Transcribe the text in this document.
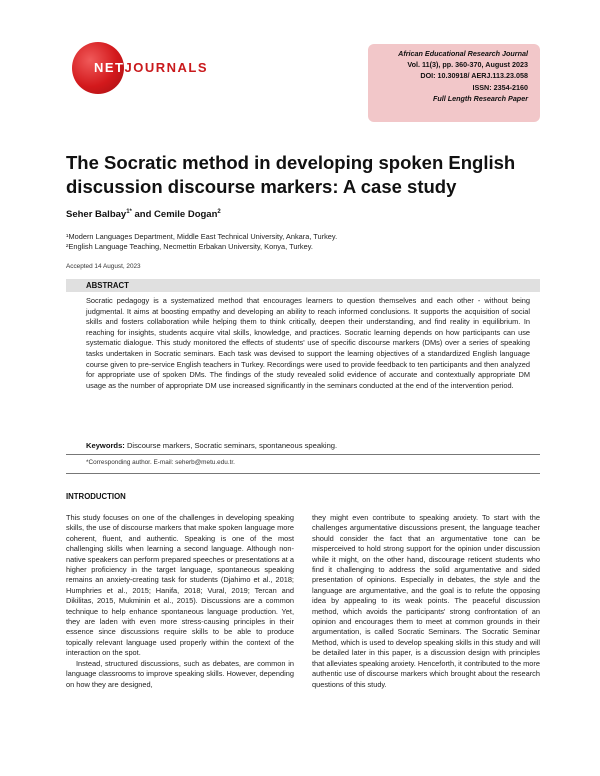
NETJOURNALS
African Educational Research Journal
Vol. 11(3), pp. 360-370, August 2023
DOI: 10.30918/ AERJ.113.23.058
ISSN: 2354-2160
Full Length Research Paper
The Socratic method in developing spoken English discussion discourse markers: A case study
Seher Balbay$^{1*}$ and Cemile Dogan$^2$
¹Modern Languages Department, Middle East Technical University, Ankara, Turkey.
²English Language Teaching, Necmettin Erbakan University, Konya, Turkey.
Accepted 14 August, 2023
ABSTRACT

Socratic pedagogy is a systematized method that encourages learners to question themselves and each other - without being judgmental. It aims at boosting empathy and developing an ability to reach informed conclusions. It supports the acquisition of social skills and fosters collaboration while helping them to think critically, deepen their understanding, and find reality in equilibrium. In reaching for insights, students acquire vital skills, knowledge, and practices. Socratic learning depends on how participants can use systematic dialogue. This study monitored the effects of students' use of specific discourse markers (DMs) over a series of speaking tasks undertaken in Socratic seminars. Each task was devised to support the learning objectives of a standardized English language course given to pre-service English teachers in Turkey. Recordings were used to provide feedback to ten participants and then analyzed for appropriate use of spoken DMs. The findings of the study revealed solid evidence of accurate and contextually appropriate DM usage as the number of appropriate DM use increased significantly in the seminars conducted at the end of the intervention period.

Keywords: Discourse markers, Socratic seminars, spontaneous speaking.
*Corresponding author. E-mail: seherb@metu.edu.tr.
INTRODUCTION

This study focuses on one of the challenges in developing speaking skills, the use of discourse markers that make spoken language more coherent, fluent, and authentic. Speaking is one of the most challenging skills when learning a second language. Although non-native speakers can perform prepared speeches or presentations at a higher proficiency in the target language, spontaneous speaking remains an anxiety-creating task for students (Djahimo et al., 2018; Humphries et al., 2015; Hanifa, 2018; Vural, 2019; Tercan and Dikilitas, 2015, Mukminin et al., 2015). Discussions are a common technique to help enhance spontaneous language production. Yet, they are laden with even more stress-causing principles in their essence since discussions require skills to be able to produce topically relevant language used properly within the context of the interaction on the spot.

Instead, structured discussions, such as debates, are common in language classrooms to improve speaking skills. However, depending on how they are designed,

they might even contribute to speaking anxiety. To start with the challenges argumentative discussions present, the language teacher should consider the fact that an argumentative tone can be misperceived to hold strong support for the opinion under discussion while it might, on the other hand, discourage reticent students who find it challenging to address the solid argumentative and sided presentation of opinions. Especially in debates, the style and the language are argumentative, and the goal is to refute the opposing idea by appealing to its weak points. The peaceful discussion method, which avoids the participants' strong confrontation of an opinion and encourages them to meet at common grounds in their argumentation, is called Socratic Seminars. The Socratic Seminar Method, which is used to develop speaking skills in this study and will be detailed later in this paper, is a discussion design with principles that alleviates speaking anxiety. Henceforth, it contributed to the more authentic use of discourse markers which brought about the research questions of this study.
